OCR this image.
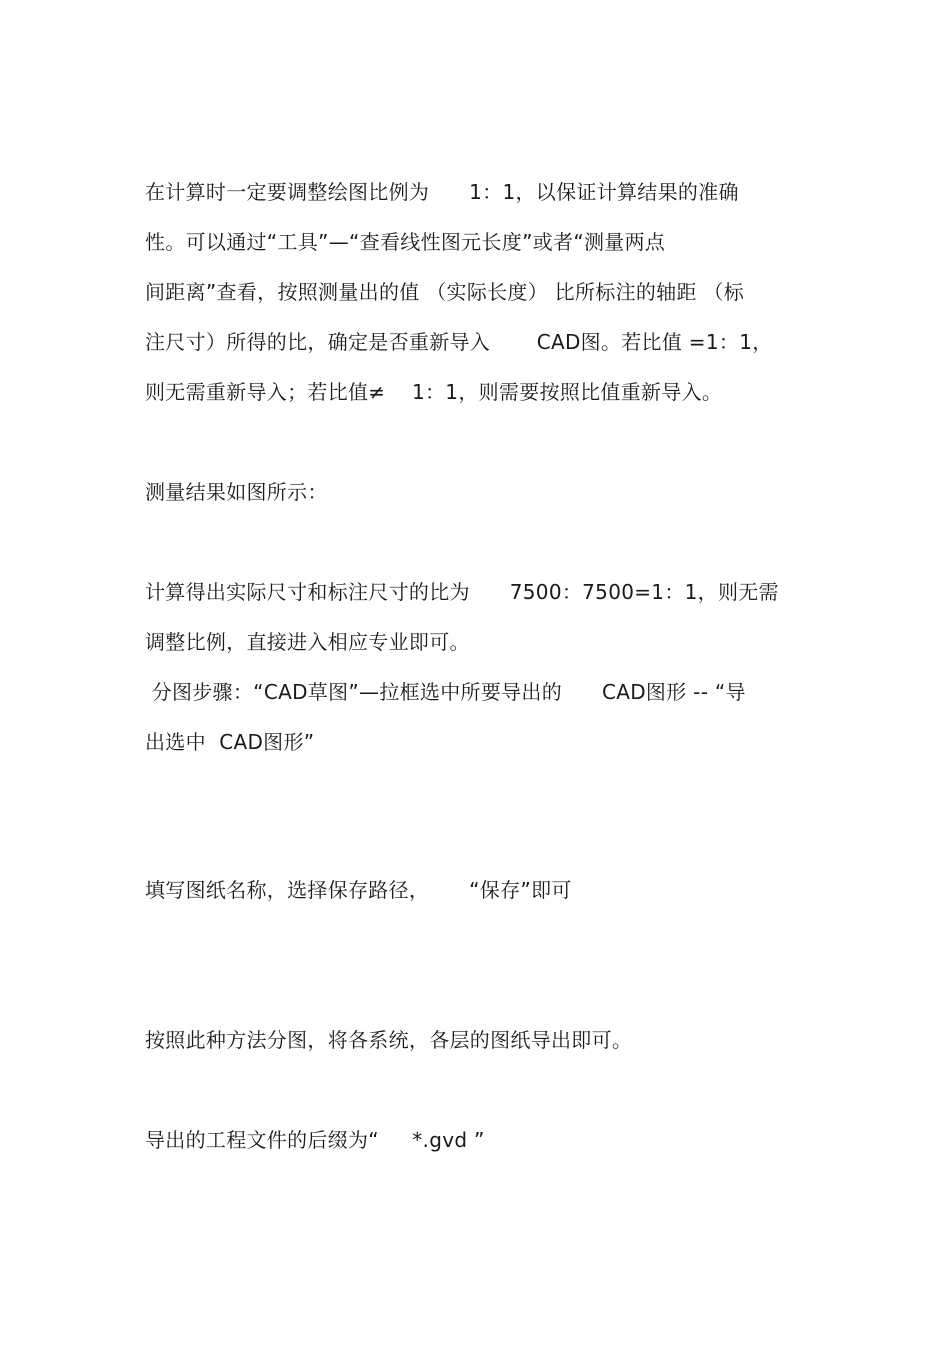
在计算时一定要调整绘图比例为      1：1，以保证计算结果的准确
性。可以通过“工具”—“查看线性图元长度”或者“测量两点
间距离”查看，按照测量出的值 （实际长度） 比所标注的轴距 （标
注尺寸）所得的比，确定是否重新导入       CAD图。若比值 =1：1，
则无需重新导入；若比值≠    1：1，则需要按照比值重新导入。
测量结果如图所示：
计算得出实际尺寸和标注尺寸的比为      7500：7500=1：1，则无需
调整比例，直接进入相应专业即可。
分图步骤：“CAD草图”—拉框选中所要导出的      CAD图形 -- “导
出选中  CAD图形”
填写图纸名称，选择保存路径，      “保存”即可
按照此种方法分图，将各系统，各层的图纸导出即可。
导出的工程文件的后缀为“     *.gvd ”
